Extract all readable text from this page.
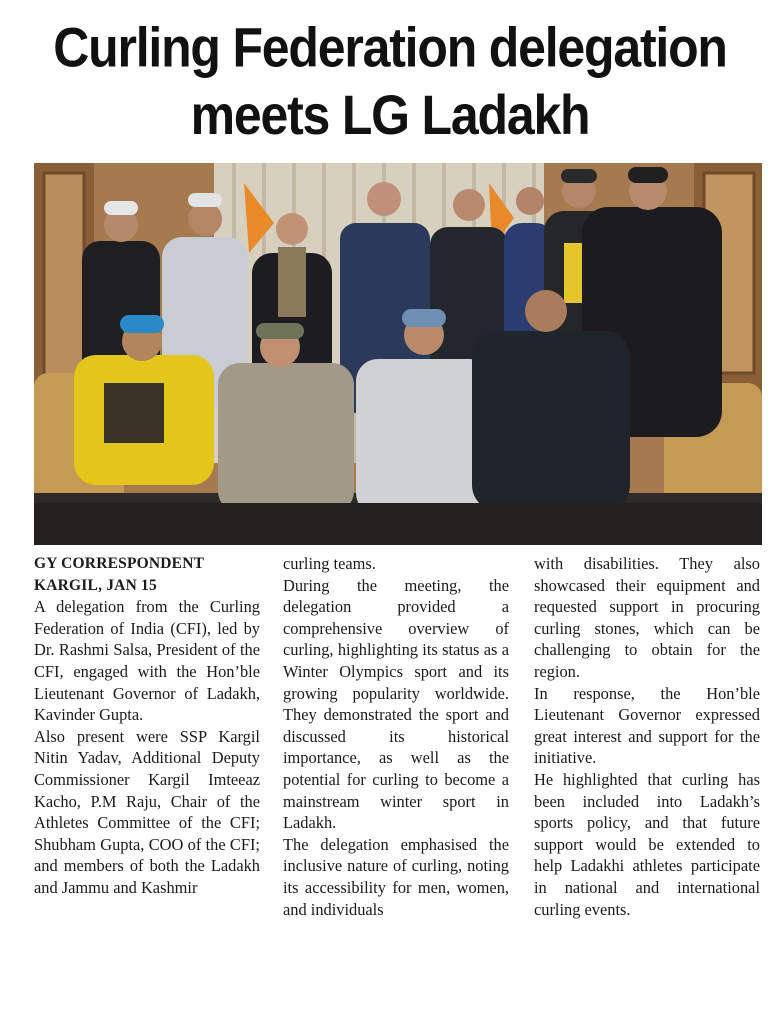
Curling Federation delegation
meets LG Ladakh

GY CORRESPONDENT

KARGIL, JAN 15

A delegation from the Curling Federation of India (CFI), led by Dr. Rashmi Salsa, President of the CFI, engaged with the Hon’ble Lieutenant Governor of Ladakh, Kavinder Gupta.

Also present were SSP Kargil Nitin Yadav, Additional Deputy Commissioner Kargil Imteeaz Kacho, P.M Raju, Chair of the Athletes Committee of the CFI; Shubham Gupta, COO of the CFI; and members of both the Ladakh and Jammu and Kashmir

curling teams.

During the meeting, the delegation provided a comprehensive overview of curling, highlighting its status as a Winter Olympics sport and its growing popularity worldwide. They demonstrated the sport and discussed its historical importance, as well as the potential for curling to become a mainstream winter sport in Ladakh.

The delegation emphasised the inclusive nature of curling, noting its accessibility for men, women, and individuals

with disabilities. They also showcased their equipment and requested support in procuring curling stones, which can be challenging to obtain for the region.

In response, the Hon’ble Lieutenant Governor expressed great interest and support for the initiative.

He highlighted that curling has been included into Ladakh’s sports policy, and that future support would be extended to help Ladakhi athletes participate in national and international curling events.
